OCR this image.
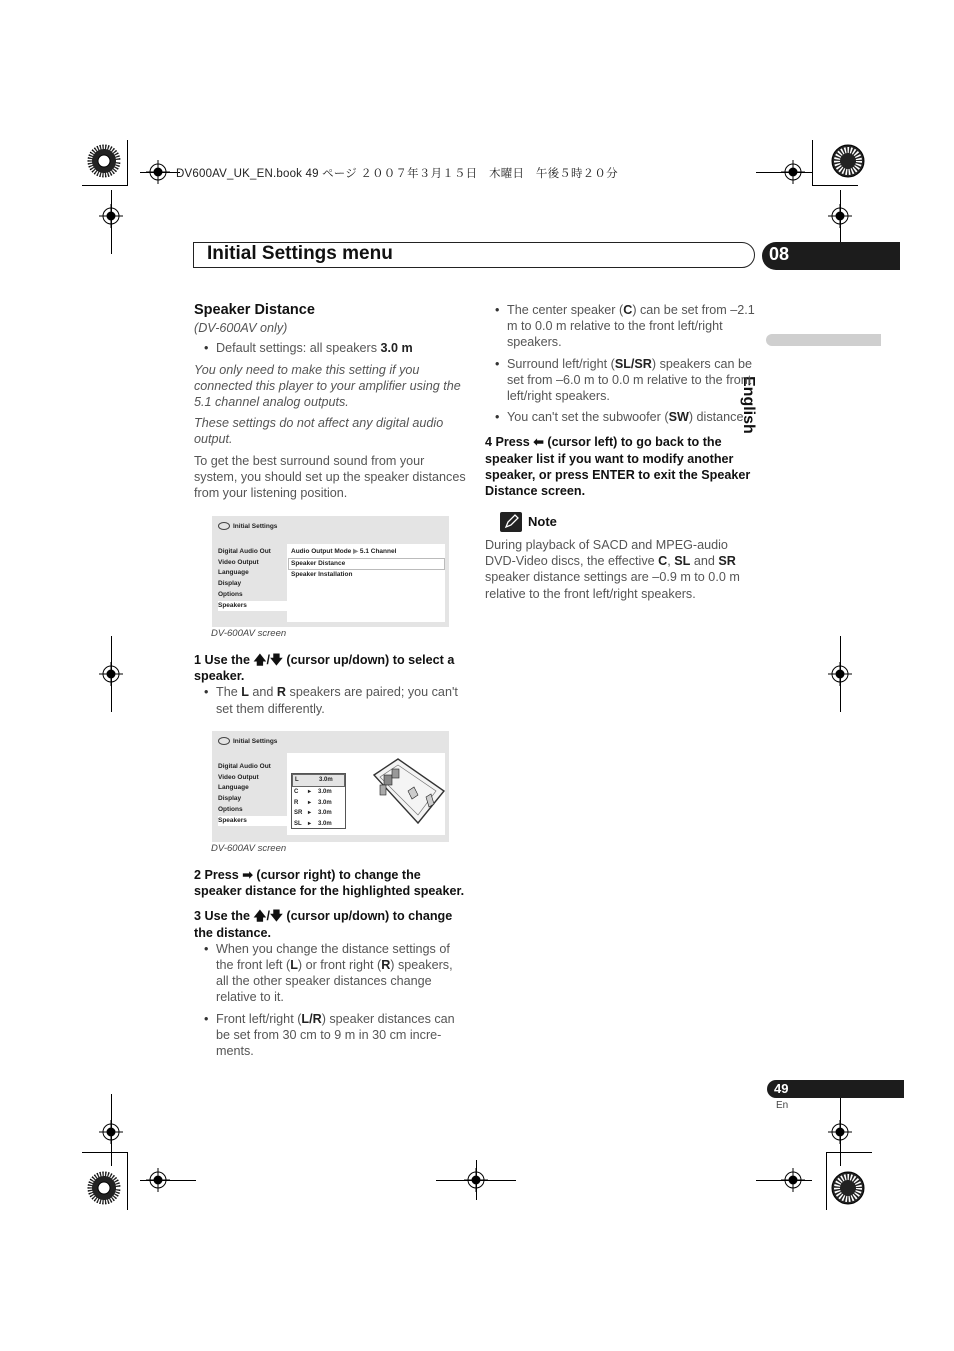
DV600AV_UK_EN.book 49 ページ ２００７年３月１５日　木曜日　午後５時２０分
Initial Settings menu	08
English

Speaker Distance

(DV-600AV only)

• Default settings: all speakers 3.0 m

You only need to make this setting if you connected this player to your amplifier using the 5.1 channel analog outputs.

These settings do not affect any digital audio output.

To get the best surround sound from your system, you should set up the speaker distances from your listening position.

Initial Settings
Digital Audio Out
Video Output
Language
Display
Options
Speakers
Audio Output Mode ▶ 5.1 Channel
Speaker Distance
Speaker Installation
DV-600AV screen

1 Use the 🡅/🡇 (cursor up/down) to select a speaker.

• The L and R speakers are paired; you can't set them differently.

Initial Settings
Digital Audio Out
Video Output
Language
Display
Options
Speakers
L	3.0m
C ▸ 3.0m
R ▸ 3.0m
SR ▸ 3.0m
SL ▸ 3.0m
DV-600AV screen

2 Press ➡ (cursor right) to change the speaker distance for the highlighted speaker.

3 Use the 🡅/🡇 (cursor up/down) to change the distance.

• When you change the distance settings of the front left (L) or front right (R) speakers, all the other speaker distances change relative to it.

• Front left/right (L/R) speaker distances can be set from 30 cm to 9 m in 30 cm incre-ments.

• The center speaker (C) can be set from –2.1 m to 0.0 m relative to the front left/right speakers.

• Surround left/right (SL/SR) speakers can be set from –6.0 m to 0.0 m relative to the front left/right speakers.

• You can't set the subwoofer (SW) distance.

4 Press ⬅ (cursor left) to go back to the speaker list if you want to modify another speaker, or press ENTER to exit the Speaker Distance screen.

Note

During playback of SACD and MPEG-audio DVD-Video discs, the effective C, SL and SR speaker distance settings are –0.9 m to 0.0 m relative to the front left/right speakers.

49
En
